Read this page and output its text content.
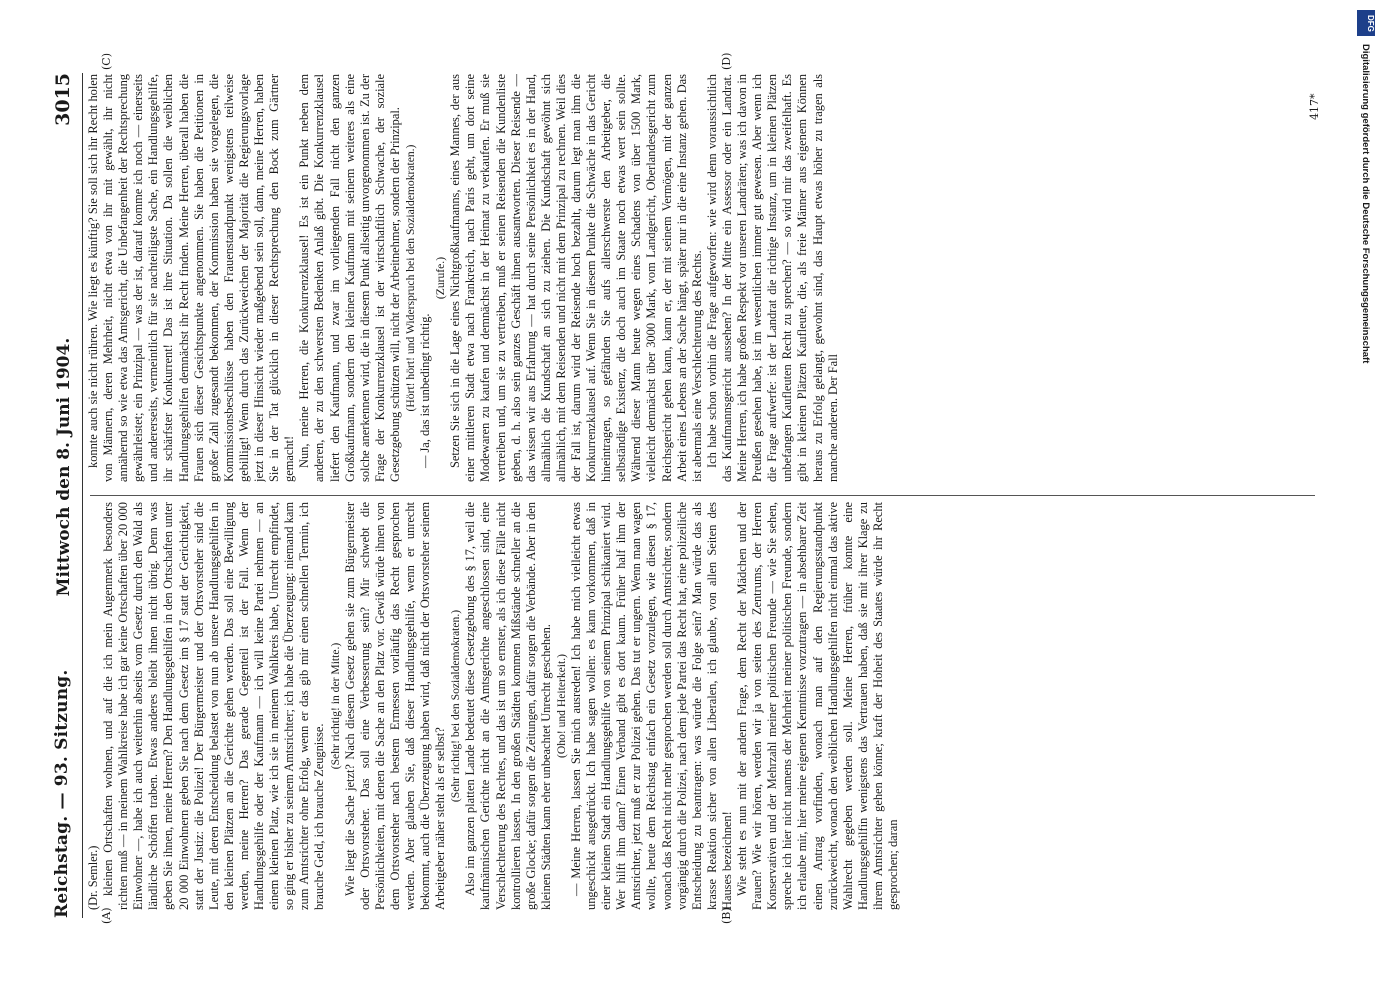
Reichstag. — 93. Sitzung.
Mittwoch den 8. Juni 1904.  3015
(A)	(B)
(C)	(D)

(Dr. Semler.) kleinen Ortschaften wohnen, und auf die ich mein Augenmerk besonders richten muß — in meinem Wahlkreise habe ich gar keine Ortschaften über 20 000 Einwohner —, habe ich auch weiterhin abseits vom Gesetz durch den Wald als ländliche Schöffen traben. Etwas anderes bleibt ihnen nicht übrig. Denn was geben Sie ihnen, meine Herren? Den Handlungsgehilfen in den Ortschaften unter 20 000 Einwohnern geben Sie nach dem Gesetz im § 17 statt der Gerichtigkeit, statt der Justiz: die Polizei! Der Bürgermeister und der Ortsvorsteher sind die Leute, mit deren Entscheidung belastet von nun ab unsere Handlungsgehilfen in den kleinen Plätzen an die Gerichte gehen werden. Das soll eine Bewilligung werden, meine Herren? Das gerade Gegenteil ist der Fall. Wenn der Handlungsgehilfe oder der Kaufmann — ich will keine Partei nehmen — an einem kleinen Platz, wie ich sie in meinem Wahlkreis habe, Unrecht empfindet, so ging er bisher zu seinem Amtsrichter; ich habe die Überzeugung: niemand kam zum Amtsrichter ohne Erfolg, wenn er das gib mir einen schnellen Termin, ich brauche Geld, ich brauche Zeugnisse.

(Sehr richtig! in der Mitte.) Wie liegt die Sache jetzt? Nach diesem Gesetz gehen sie zum Bürgermeister oder Ortsvorsteher. Das soll eine Verbesserung sein? Mir schwebt die Persönlichkeiten, mit denen die Sache an den Platz vor. Gewiß würde ihnen von dem Ortsvorsteher nach bestem Ermessen vorläufig das Recht gesprochen werden. Aber glauben Sie, daß dieser Handlungsgehilfe, wenn er unrecht bekommt, auch die Überzeugung haben wird, daß nicht der Ortsvorsteher seinem Arbeitgeber näher steht als er selbst?

(Sehr richtig! bei den Sozialdemokraten.) Also im ganzen platten Lande bedeutet diese Gesetzgebung des § 17, weil die kaufmännischen Gerichte nicht an die Amtsgerichte angeschlossen sind, eine Verschlechterung des Rechtes, und das ist um so ernster, als ich diese Fälle nicht kontrollieren lassen. In den großen Städten kommen Mißstände schneller an die große Glocke; dafür sorgen die Zeitungen, dafür sorgen die Verbände. Aber in den kleinen Städten kann eher unbeachtet Unrecht geschehen. (Oho! und Heiterkeit.) — Meine Herren, lassen Sie mich ausreden! Ich habe mich vielleicht etwas ungeschickt ausgedrückt. Ich habe sagen wollen: es kann vorkommen, daß in einer kleinen Stadt ein Handlungsgehilfe von seinem Prinzipal schikaniert wird. Wer hilft ihm dann? Einen Verband gibt es dort kaum. Früher half ihm der Amtsrichter, jetzt muß er zur Polizei gehen. Das tut er ungern. Wenn man wagen wollte, heute dem Reichstag einfach ein Gesetz vorzulegen, wie diesen § 17, wonach das Recht nicht mehr gesprochen werden soll durch Amtsrichter, sondern vorgängig durch die Polizei, nach dem jede Partei das Recht hat, eine polizeiliche Entscheidung zu beantragen: was würde die Folge sein? Man würde das als krasse Reaktion sicher von allen Liberalen, ich glaube, von allen Seiten des Hauses bezeichnen! Wie steht es nun mit der andern Frage, dem Recht der Mädchen und der Frauen? Wie wir hören, werden wir ja von seiten des Zentrums, der Herren Konservativen und der Mehrzahl meiner politischen Freunde — wie Sie sehen, spreche ich hier nicht namens der Mehrheit meiner politischen Freunde, sondern ich erlaube mir, hier meine eigenen Kenntnisse vorzutragen — in absehbarer Zeit einen Antrag vorfinden, wonach man auf den Regierungsstandpunkt zurückweicht, wonach den weiblichen Handlungsgehilfen nicht einmal das aktive Wahlrecht gegeben werden soll. Meine Herren, früher konnte eine Handlungsgehilfin wenigstens das Vertrauen haben, daß sie mit ihrer Klage zu ihrem Amtsrichter gehen könne; kraft der Hoheit des Staates würde ihr Recht gesprochen; daran

konnte auch sie nicht rühren. Wie liegt es künftig? Sie soll sich ihr Recht holen von Männern, deren Mehrheit, nicht etwa von ihr mit gewählt, ihr nicht annähernd so wie etwa das Amtsgericht, die Unbefangenheit der Rechtsprechung gewährleistet; ein Prinzipal — was der ist, darauf komme ich noch — einerseits und andererseits, vermeintlich für sie nachteiligste Sache, ein Handlungsgehilfe, ihr schärfster Konkurrent! Das ist ihre Situation. Da sollen die weiblichen Handlungsgehilfen demnächst ihr Recht finden. Meine Herren, überall haben die Frauen sich dieser Gesichtspunkte angenommen. Sie haben die Petitionen in großer Zahl zugesandt bekommen, der Kommission haben sie vorgelegen, die Kommissionsbeschlüsse haben den Frauenstandpunkt wenigstens teilweise gebilligt! Wenn durch das Zurückweichen der Majorität die Regierungsvorlage jetzt in dieser Hinsicht wieder maßgebend sein soll, dann, meine Herren, haben Sie in der Tat glücklich in dieser Rechtsprechung den Bock zum Gärtner gemacht! Nun, meine Herren, die Konkurrenzklausel! Es ist ein Punkt neben dem anderen, der zu den schwersten Bedenken Anlaß gibt. Die Konkurrenzklausel liefert den Kaufmann, und zwar im vorliegenden Fall nicht den ganzen Großkaufmann, sondern den kleinen Kaufmann mit seinem weiteres als eine solche anerkennen wird, die in diesem Punkt allseitig unvorgenommen ist. Zu der Frage der Konkurrenzklausel ist der wirtschaftlich Schwache, der soziale Gesetzgebung schützen will, nicht der Arbeitnehmer, sondern der Prinzipal. (Hört! hört! und Widerspruch bei den Sozialdemokraten.) — Ja, das ist unbedingt richtig.

(Zurufe.) Setzen Sie sich in die Lage eines Nichtgroßkaufmanns, eines Mannes, der aus einer mittleren Stadt etwa nach Frankreich, nach Paris geht, um dort seine Modewaren zu kaufen und demnächst in der Heimat zu verkaufen. Er muß sie vertreiben und, um sie zu vertreiben, muß er seinen Reisenden die Kundenliste geben, d. h. also sein ganzes Geschäft ihnen ausantworten. Dieser Reisende — das wissen wir aus Erfahrung — hat durch seine Persönlichkeit es in der Hand, allmählich die Kundschaft an sich zu ziehen. Die Kundschaft gewöhnt sich allmählich, mit dem Reisenden und nicht mit dem Prinzipal zu rechnen. Weil dies der Fall ist, darum wird der Reisende hoch bezahlt, darum legt man ihm die Konkurrenzklausel auf. Wenn Sie in diesem Punkte die Schwäche in das Gericht hineintragen, so gefährden Sie aufs allerschwerste den Arbeitgeber, die selbständige Existenz, die doch auch im Staate noch etwas wert sein sollte. Während dieser Mann heute wegen eines Schadens von über 1500 Mark, vielleicht demnächst über 3000 Mark, vom Landgericht, Oberlandesgericht zum Reichsgericht gehen kann, kann er, der mit seinem Vermögen, mit der ganzen Arbeit eines Lebens an der Sache hängt, später nur in die eine Instanz gehen. Das ist abermals eine Verschlechterung des Rechts. Ich habe schon vorhin die Frage aufgeworfen: wie wird denn voraussichtlich das Kaufmannsgericht aussehen? In der Mitte ein Assessor oder ein Landrat. Meine Herren, ich habe großen Respekt vor unseren Landräten; was ich davon in Preußen gesehen habe, ist im wesentlichen immer gut gewesen. Aber wenn ich die Frage aufwerfe: ist der Landrat die richtige Instanz, um in kleinen Plätzen unbefangen Kaufleuten Recht zu sprechen? — so wird mir das zweifelhaft. Es gibt in kleinen Plätzen Kaufleute, die, als freie Männer aus eigenem Können heraus zu Erfolg gelangt, gewohnt sind, das Haupt etwas höher zu tragen als manche anderen. Der Fall

417*
DFG
Digitalisierung gefördert durch die Deutsche Forschungsgemeinschaft
